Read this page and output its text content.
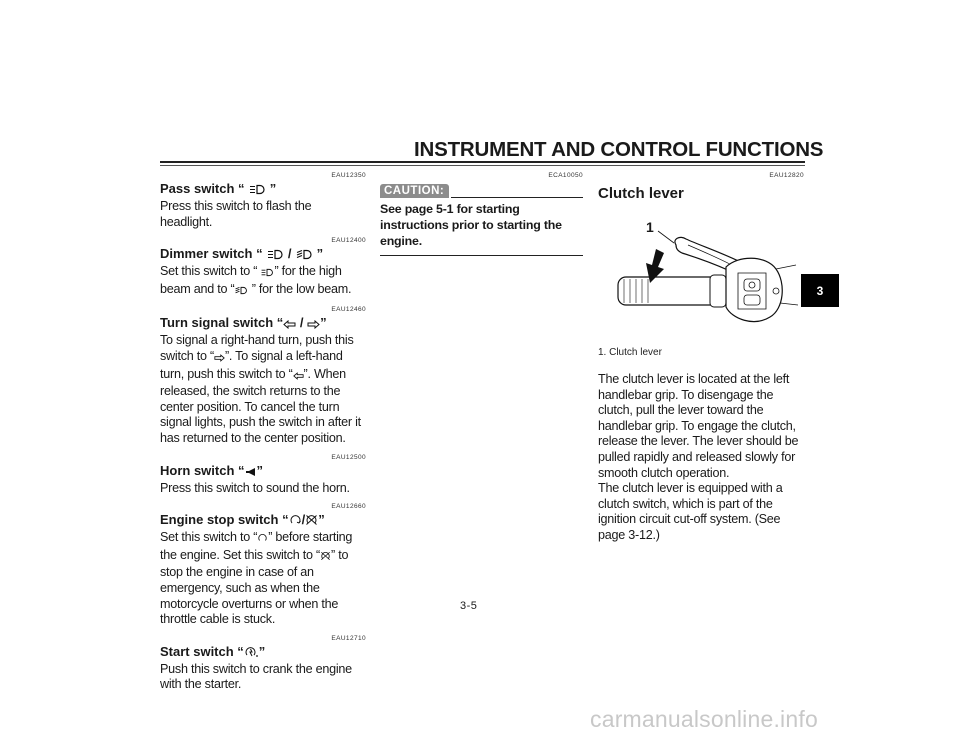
INSTRUMENT AND CONTROL FUNCTIONS
3
EAU12350
Pass switch “  ”

Press this switch to flash the headlight.

EAU12400
Dimmer switch “  /  ”

Set this switch to “ ” for the high beam and to “ ” for the low beam.

EAU12460
Turn signal switch “ / ”

To signal a right-hand turn, push this switch to “ ”. To signal a left-hand turn, push this switch to “ ”. When released, the switch returns to the center position. To cancel the turn signal lights, push the switch in after it has returned to the center position.

EAU12500
Horn switch “ ”

Press this switch to sound the horn.

EAU12660
Engine stop switch “ / ”

Set this switch to “ ” before starting the engine. Set this switch to “ ” to stop the engine in case of an emergency, such as when the motorcycle overturns or when the throttle cable is stuck.

EAU12710
Start switch “ ”

Push this switch to crank the engine with the starter.

ECA10050
CAUTION:

See page 5-1 for starting instructions prior to starting the engine.

EAU12820
Clutch lever
1

1. Clutch lever

The clutch lever is located at the left handlebar grip. To disengage the clutch, pull the lever toward the handlebar grip. To engage the clutch, release the lever. The lever should be pulled rapidly and released slowly for smooth clutch operation.

The clutch lever is equipped with a clutch switch, which is part of the ignition circuit cut-off system. (See page 3-12.)

3-5
carmanualsonline.info
